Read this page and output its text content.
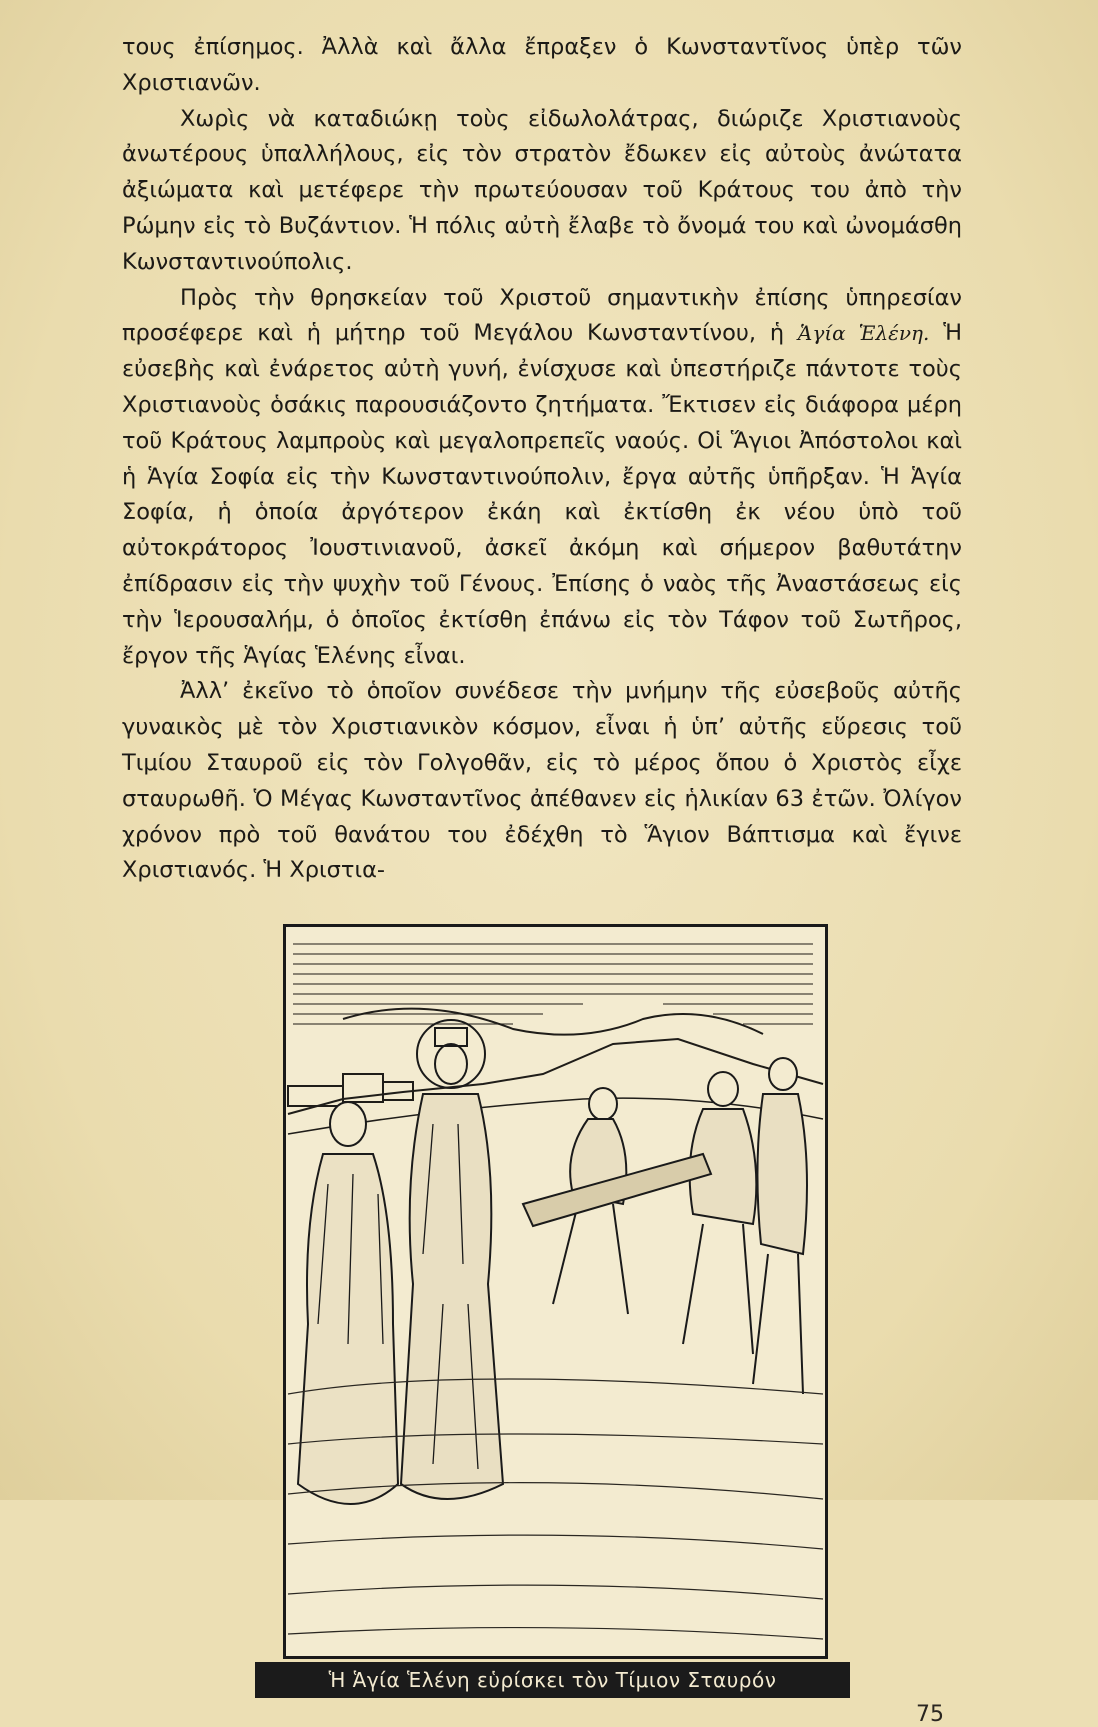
τους ἐπίσημος. Ἀλλὰ καὶ ἄλλα ἔπραξεν ὁ Κωνσταντῖνος ὑπὲρ τῶν Χριστιανῶν.

Χωρὶς νὰ καταδιώκῃ τοὺς εἰδωλολάτρας, διώριζε Χριστιανοὺς ἀνωτέρους ὑπαλλήλους, εἰς τὸν στρατὸν ἔδωκεν εἰς αὐτοὺς ἀνώτατα ἀξιώματα καὶ μετέφερε τὴν πρωτεύουσαν τοῦ Κράτους του ἀπὸ τὴν Ρώμην εἰς τὸ Βυζάντιον. Ἡ πόλις αὐτὴ ἔλαβε τὸ ὄνομά του καὶ ὠνομάσθη Κωνσταντινούπολις.

Πρὸς τὴν θρησκείαν τοῦ Χριστοῦ σημαντικὴν ἐπίσης ὑπηρεσίαν προσέφερε καὶ ἡ μήτηρ τοῦ Μεγάλου Κωνσταντίνου, ἡ Ἁγία Ἑλένη. Ἡ εὐσεβὴς καὶ ἐνάρετος αὐτὴ γυνή, ἐνίσχυσε καὶ ὑπεστήριζε πάντοτε τοὺς Χριστιανοὺς ὁσάκις παρουσιάζοντο ζητήματα. Ἔκτισεν εἰς διάφορα μέρη τοῦ Κράτους λαμπροὺς καὶ μεγαλοπρεπεῖς ναούς. Οἱ Ἅγιοι Ἀπόστολοι καὶ ἡ Ἁγία Σοφία εἰς τὴν Κωνσταντινούπολιν, ἔργα αὐτῆς ὑπῆρξαν. Ἡ Ἁγία Σοφία, ἡ ὁποία ἀργότερον ἐκάη καὶ ἐκτίσθη ἐκ νέου ὑπὸ τοῦ αὐτοκράτορος Ἰουστινιανοῦ, ἀσκεῖ ἀκόμη καὶ σήμερον βαθυτάτην ἐπίδρασιν εἰς τὴν ψυχὴν τοῦ Γένους. Ἐπίσης ὁ ναὸς τῆς Ἀναστάσεως εἰς τὴν Ἱερουσαλήμ, ὁ ὁποῖος ἐκτίσθη ἐπάνω εἰς τὸν Τάφον τοῦ Σωτῆρος, ἔργον τῆς Ἁγίας Ἑλένης εἶναι.

Ἀλλ’ ἐκεῖνο τὸ ὁποῖον συνέδεσε τὴν μνήμην τῆς εὐσεβοῦς αὐτῆς γυναικὸς μὲ τὸν Χριστιανικὸν κόσμον, εἶναι ἡ ὑπ’ αὐτῆς εὕρεσις τοῦ Τιμίου Σταυροῦ εἰς τὸν Γολγοθᾶν, εἰς τὸ μέρος ὅπου ὁ Χριστὸς εἶχε σταυρωθῆ. Ὁ Μέγας Κωνσταντῖνος ἀπέθανεν εἰς ἡλικίαν 63 ἐτῶν. Ὀλίγον χρόνον πρὸ τοῦ θανάτου του ἐδέχθη τὸ Ἅγιον Βάπτισμα καὶ ἔγινε Χριστιανός. Ἡ Χριστια-

Ἡ Ἁγία Ἑλένη εὑρίσκει τὸν Τίμιον Σταυρόν
75
